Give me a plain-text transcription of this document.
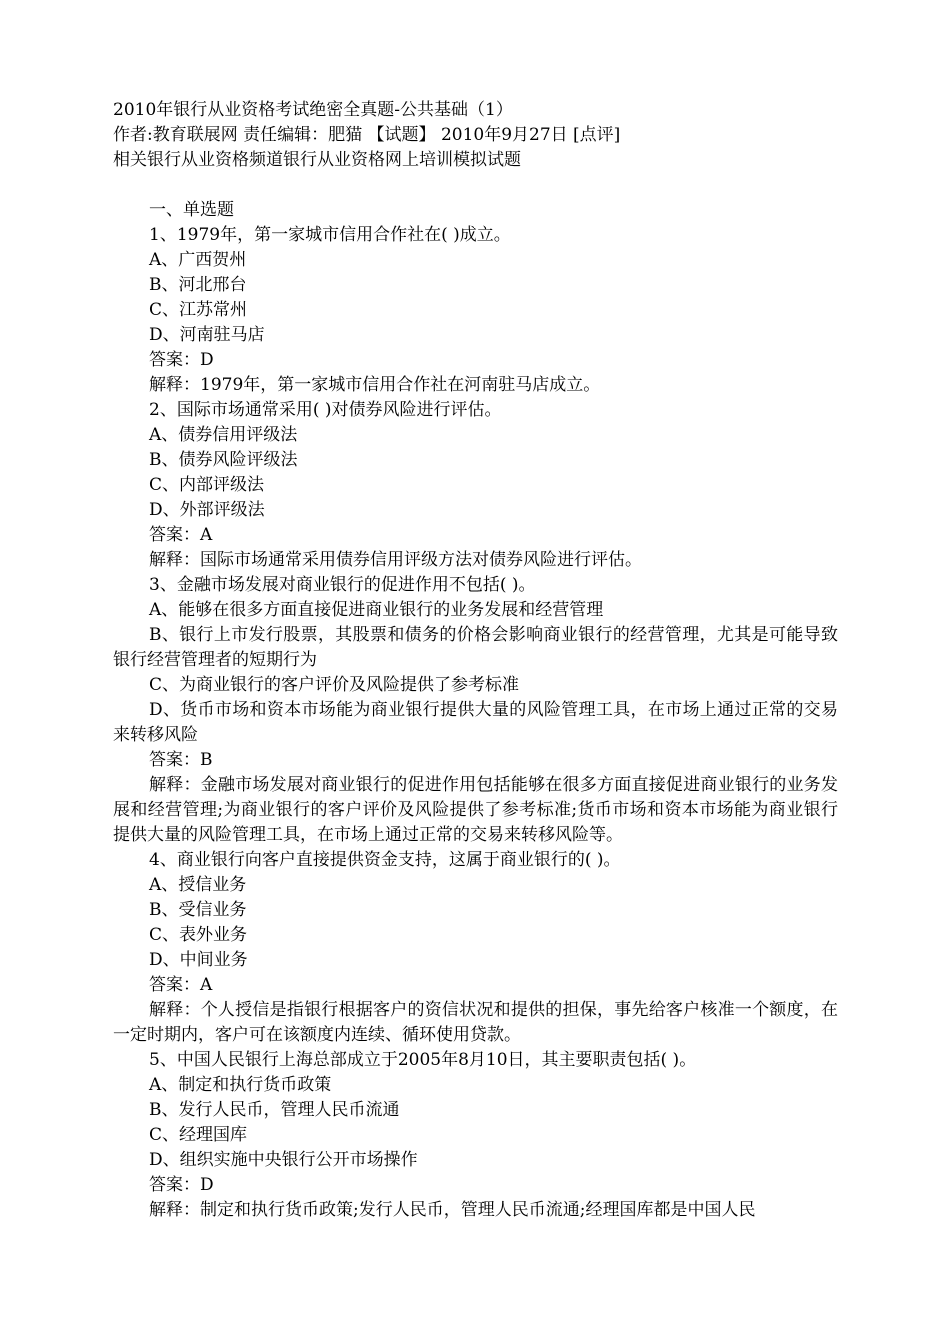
2010年银行从业资格考试绝密全真题-公共基础（1）
作者:教育联展网 责任编辑：肥猫 【试题】 2010年9月27日 [点评]
相关银行从业资格频道银行从业资格网上培训模拟试题
一、单选题
1、1979年，第一家城市信用合作社在( )成立。
A、广西贺州
B、河北邢台
C、江苏常州
D、河南驻马店
答案：D
解释：1979年，第一家城市信用合作社在河南驻马店成立。
2、国际市场通常采用( )对债券风险进行评估。
A、债券信用评级法
B、债券风险评级法
C、内部评级法
D、外部评级法
答案：A
解释：国际市场通常采用债券信用评级方法对债券风险进行评估。
3、金融市场发展对商业银行的促进作用不包括( )。
A、能够在很多方面直接促进商业银行的业务发展和经营管理
B、银行上市发行股票，其股票和债务的价格会影响商业银行的经营管理，尤其是可能导致银行经营管理者的短期行为
C、为商业银行的客户评价及风险提供了参考标准
D、货币市场和资本市场能为商业银行提供大量的风险管理工具，在市场上通过正常的交易来转移风险
答案：B
解释：金融市场发展对商业银行的促进作用包括能够在很多方面直接促进商业银行的业务发展和经营管理;为商业银行的客户评价及风险提供了参考标准;货币市场和资本市场能为商业银行提供大量的风险管理工具，在市场上通过正常的交易来转移风险等。
4、商业银行向客户直接提供资金支持，这属于商业银行的( )。
A、授信业务
B、受信业务
C、表外业务
D、中间业务
答案：A
解释：个人授信是指银行根据客户的资信状况和提供的担保，事先给客户核准一个额度，在一定时期内，客户可在该额度内连续、循环使用贷款。
5、中国人民银行上海总部成立于2005年8月10日，其主要职责包括( )。
A、制定和执行货币政策
B、发行人民币，管理人民币流通
C、经理国库
D、组织实施中央银行公开市场操作
答案：D
解释：制定和执行货币政策;发行人民币，管理人民币流通;经理国库都是中国人民
